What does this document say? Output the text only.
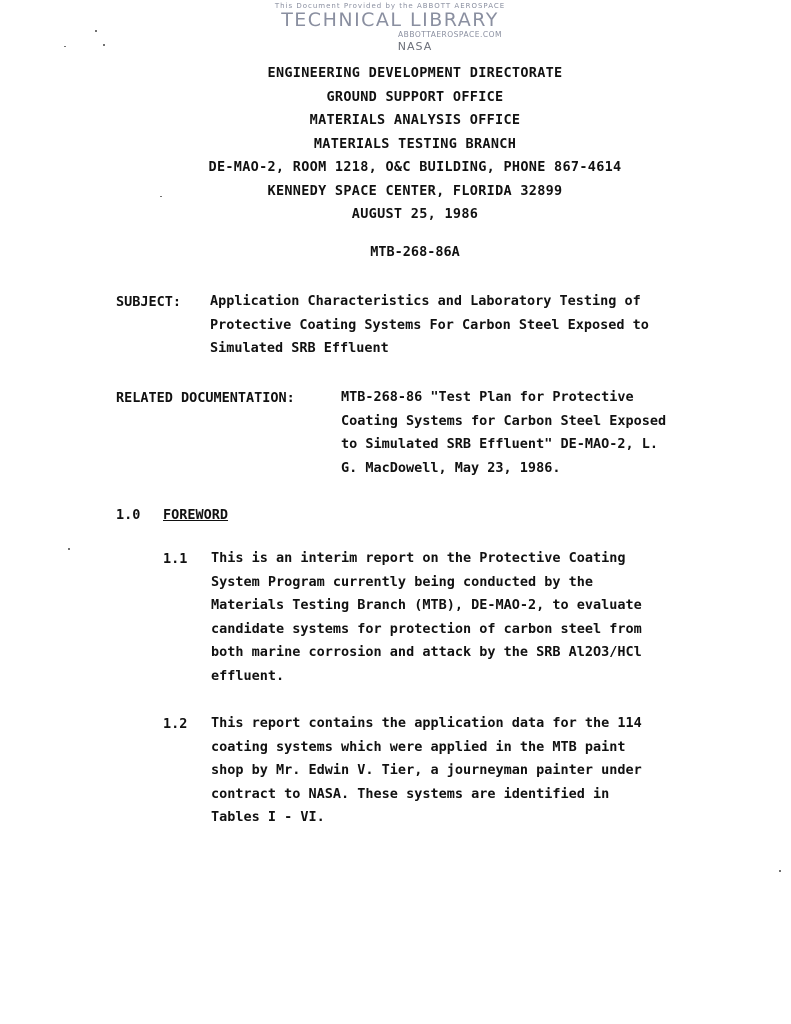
This Document Provided by the ABBOTT AEROSPACE
TECHNICAL LIBRARY
ABBOTTAEROSPACE.COM
NASA
ENGINEERING DEVELOPMENT DIRECTORATE
GROUND SUPPORT OFFICE
MATERIALS ANALYSIS OFFICE
MATERIALS TESTING BRANCH
DE-MAO-2, ROOM 1218, O&C BUILDING, PHONE 867-4614
KENNEDY SPACE CENTER, FLORIDA 32899
AUGUST 25, 1986
MTB-268-86A
SUBJECT: Application Characteristics and Laboratory Testing of
Protective Coating Systems For Carbon Steel Exposed to
Simulated SRB Effluent
RELATED DOCUMENTATION:	MTB-268-86 "Test Plan for Protective
Coating Systems for Carbon Steel Exposed
to Simulated SRB Effluent" DE-MAO-2, L.
G. MacDowell, May 23, 1986.
1.0 FOREWORD
1.1 This is an interim report on the Protective Coating
System Program currently being conducted by the
Materials Testing Branch (MTB), DE-MAO-2, to evaluate
candidate systems for protection of carbon steel from
both marine corrosion and attack by the SRB Al2O3/HCl
effluent.
1.2 This report contains the application data for the 114
coating systems which were applied in the MTB paint
shop by Mr. Edwin V. Tier, a journeyman painter under
contract to NASA. These systems are identified in
Tables I - VI.
